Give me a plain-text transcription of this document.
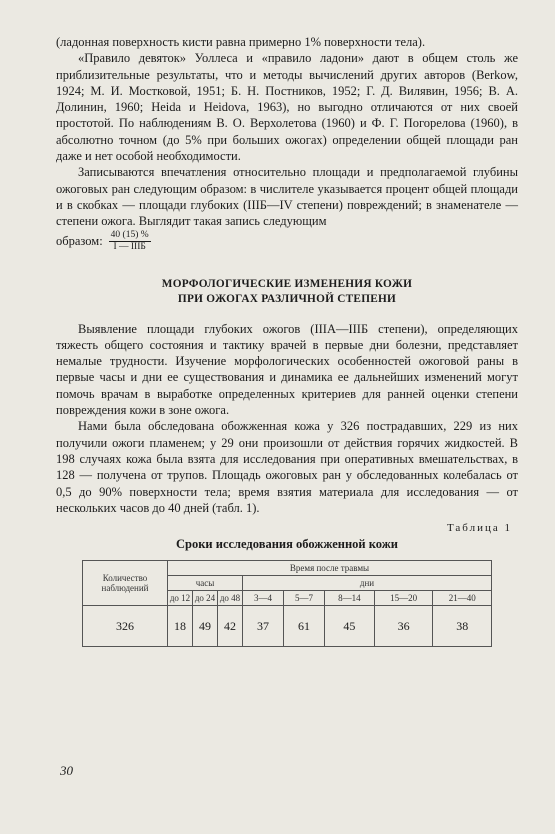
(ладонная поверхность кисти равна примерно 1% поверхности тела).

«Правило девяток» Уоллеса и «правило ладони» дают в общем столь же приблизительные результаты, что и методы вычислений других авторов (Berkow, 1924; М. И. Мостковой, 1951; Б. Н. Постников, 1952; Г. Д. Вилявин, 1956; В. А. Долинин, 1960; Heida и Heidova, 1963), но выгодно отличаются от них своей простотой. По наблюдениям В. О. Верхолетова (1960) и Ф. Г. Погорелова (1960), в абсолютно точном (до 5% при больших ожогах) определении общей площади ран даже и нет особой необходимости.

Записываются впечатления относительно площади и предполагаемой глубины ожоговых ран следующим образом: в числителе указывается процент общей площади и в скобках — площади глубоких (IIIБ—IV степени) повреждений; в знаменателе — степени ожога. Выглядит такая запись следующим

образом: $\frac{40 (15) \%}{\text{I — IIIБ}}$
МОРФОЛОГИЧЕСКИЕ ИЗМЕНЕНИЯ КОЖИ
ПРИ ОЖОГАХ РАЗЛИЧНОЙ СТЕПЕНИ

Выявление площади глубоких ожогов (IIIА—IIIБ степени), определяющих тяжесть общего состояния и тактику врачей в первые дни болезни, представляет немалые трудности. Изучение морфологических особенностей ожоговой раны в первые часы и дни ее существования и динамика ее дальнейших изменений могут помочь врачам в выработке определенных критериев для ранней оценки степени повреждения кожи в зоне ожога.

Нами была обследована обожженная кожа у 326 пострадавших, 229 из них получили ожоги пламенем; у 29 они произошли от действия горячих жидкостей. В 198 случаях кожа была взята для исследования при оперативных вмешательствах, в 128 — получена от трупов. Площадь ожоговых ран у обследованных колебалась от 0,5 до 90% поверхности тела; время взятия материала для исследования — от нескольких часов до 40 дней (табл. 1).

Таблица 1
Сроки исследования обожженной кожи
Количество наблюдений	Время после травмы							
	часы			дни				
	до 12	до 24	до 48	3—4	5—7	8—14	15—20	21—40
326	18	49	42	37	61	45	36	38
30
